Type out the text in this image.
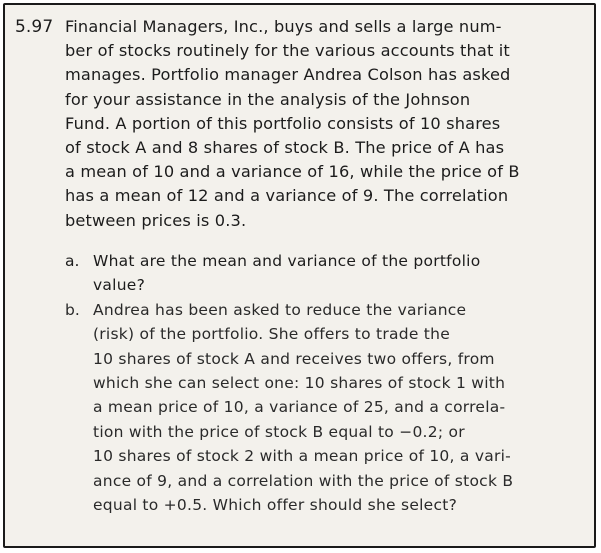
5.97 Financial Managers, Inc., buys and sells a large num-
ber of stocks routinely for the various accounts that it
manages. Portfolio manager Andrea Colson has asked
for your assistance in the analysis of the Johnson
Fund. A portion of this portfolio consists of 10 shares
of stock A and 8 shares of stock B. The price of A has
a mean of 10 and a variance of 16, while the price of B
has a mean of 12 and a variance of 9. The correlation
between prices is 0.3.
a. What are the mean and variance of the portfolio
value?
b. Andrea has been asked to reduce the variance
(risk) of the portfolio. She offers to trade the
10 shares of stock A and receives two offers, from
which she can select one: 10 shares of stock 1 with
a mean price of 10, a variance of 25, and a correla-
tion with the price of stock B equal to −0.2; or
10 shares of stock 2 with a mean price of 10, a vari-
ance of 9, and a correlation with the price of stock B
equal to +0.5. Which offer should she select?
